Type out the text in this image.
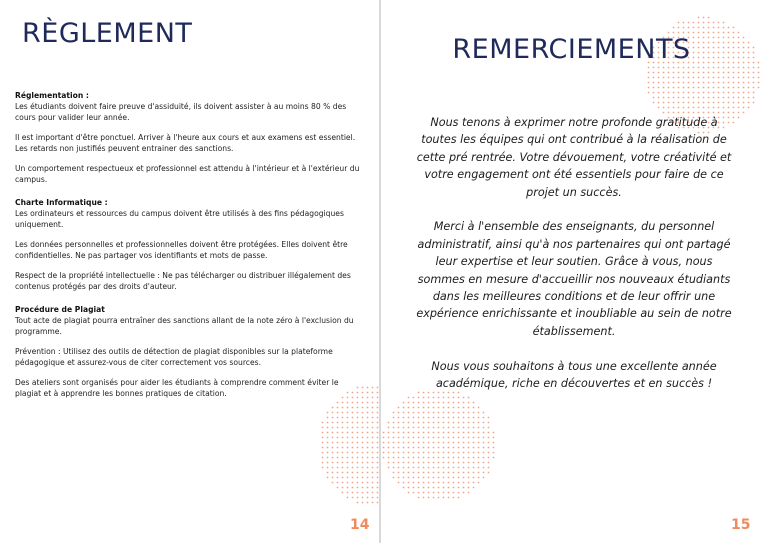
RÈGLEMENT
Réglementation :

Les étudiants doivent faire preuve d'assiduité, ils doivent assister à au moins 80 % des cours pour valider leur année.

Il est important d'être ponctuel. Arriver à l'heure aux cours et aux examens est essentiel. Les retards non justifiés peuvent entrainer des sanctions.

Un comportement respectueux et professionnel est attendu à l'intérieur et à l'extérieur du campus.

Charte Informatique :

Les ordinateurs et ressources du campus doivent être utilisés à des fins pédagogiques uniquement.

Les données personnelles et professionnelles doivent être protégées. Elles doivent être confidentielles. Ne pas partager vos identifiants et mots de passe.

Respect de la propriété intellectuelle : Ne pas télécharger ou distribuer illégalement des contenus protégés par des droits d'auteur.

Procédure de Plagiat

Tout acte de plagiat pourra entraîner des sanctions allant de la note zéro à l'exclusion du programme.

Prévention : Utilisez des outils de détection de plagiat disponibles sur la plateforme pédagogique et assurez-vous de citer correctement vos sources.

Des ateliers sont organisés pour aider les étudiants à comprendre comment éviter le plagiat et à apprendre les bonnes pratiques de citation.

14

REMERCIEMENTS

Nous tenons à exprimer notre profonde gratitude à toutes les équipes qui ont contribué à la réalisation de cette pré rentrée. Votre dévouement, votre créativité et votre engagement ont été essentiels pour faire de ce projet un succès.

Merci à l'ensemble des enseignants, du personnel administratif, ainsi qu'à nos partenaires qui ont partagé leur expertise et leur soutien. Grâce à vous, nous sommes en mesure d'accueillir nos nouveaux étudiants dans les meilleures conditions et de leur offrir une expérience enrichissante et inoubliable au sein de notre établissement.

Nous vous souhaitons à tous une excellente année académique, riche en découvertes et en succès !

15
